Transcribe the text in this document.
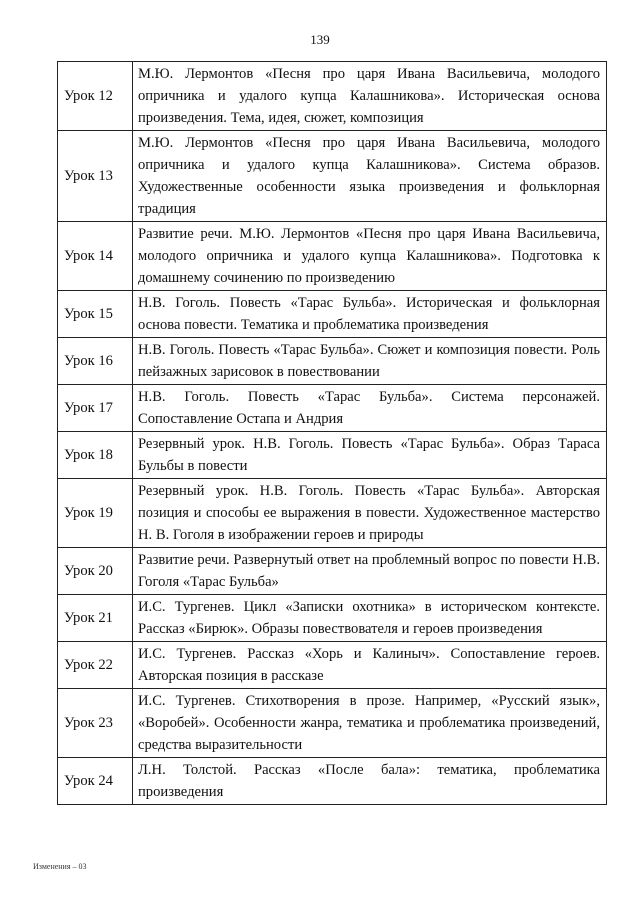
139
Урок 12	М.Ю. Лермонтов «Песня про царя Ивана Васильевича, молодого опричника и удалого купца Калашникова». Историческая основа произведения. Тема, идея, сюжет, композиция
Урок 13	М.Ю. Лермонтов «Песня про царя Ивана Васильевича, молодого опричника и удалого купца Калашникова». Система образов. Художественные особенности языка произведения и фольклорная традиция
Урок 14	Развитие речи. М.Ю. Лермонтов «Песня про царя Ивана Васильевича, молодого опричника и удалого купца Калашникова». Подготовка к домашнему сочинению по произведению
Урок 15	Н.В. Гоголь. Повесть «Тарас Бульба». Историческая и фольклорная основа повести. Тематика и проблематика произведения
Урок 16	Н.В. Гоголь. Повесть «Тарас Бульба». Сюжет и композиция повести. Роль пейзажных зарисовок в повествовании
Урок 17	Н.В. Гоголь. Повесть «Тарас Бульба». Система персонажей. Сопоставление Остапа и Андрия
Урок 18	Резервный урок. Н.В. Гоголь. Повесть «Тарас Бульба». Образ Тараса Бульбы в повести
Урок 19	Резервный урок. Н.В. Гоголь. Повесть «Тарас Бульба». Авторская позиция и способы ее выражения в повести. Художественное мастерство Н. В. Гоголя в изображении героев и природы
Урок 20	Развитие речи. Развернутый ответ на проблемный вопрос по повести Н.В. Гоголя «Тарас Бульба»
Урок 21	И.С. Тургенев. Цикл «Записки охотника» в историческом контексте. Рассказ «Бирюк». Образы повествователя и героев произведения
Урок 22	И.С. Тургенев. Рассказ «Хорь и Калиныч». Сопоставление героев. Авторская позиция в рассказе
Урок 23	И.С. Тургенев. Стихотворения в прозе. Например, «Русский язык», «Воробей». Особенности жанра, тематика и проблематика произведений, средства выразительности
Урок 24	Л.Н. Толстой. Рассказ «После бала»: тематика, проблематика произведения
Изменения – 03
